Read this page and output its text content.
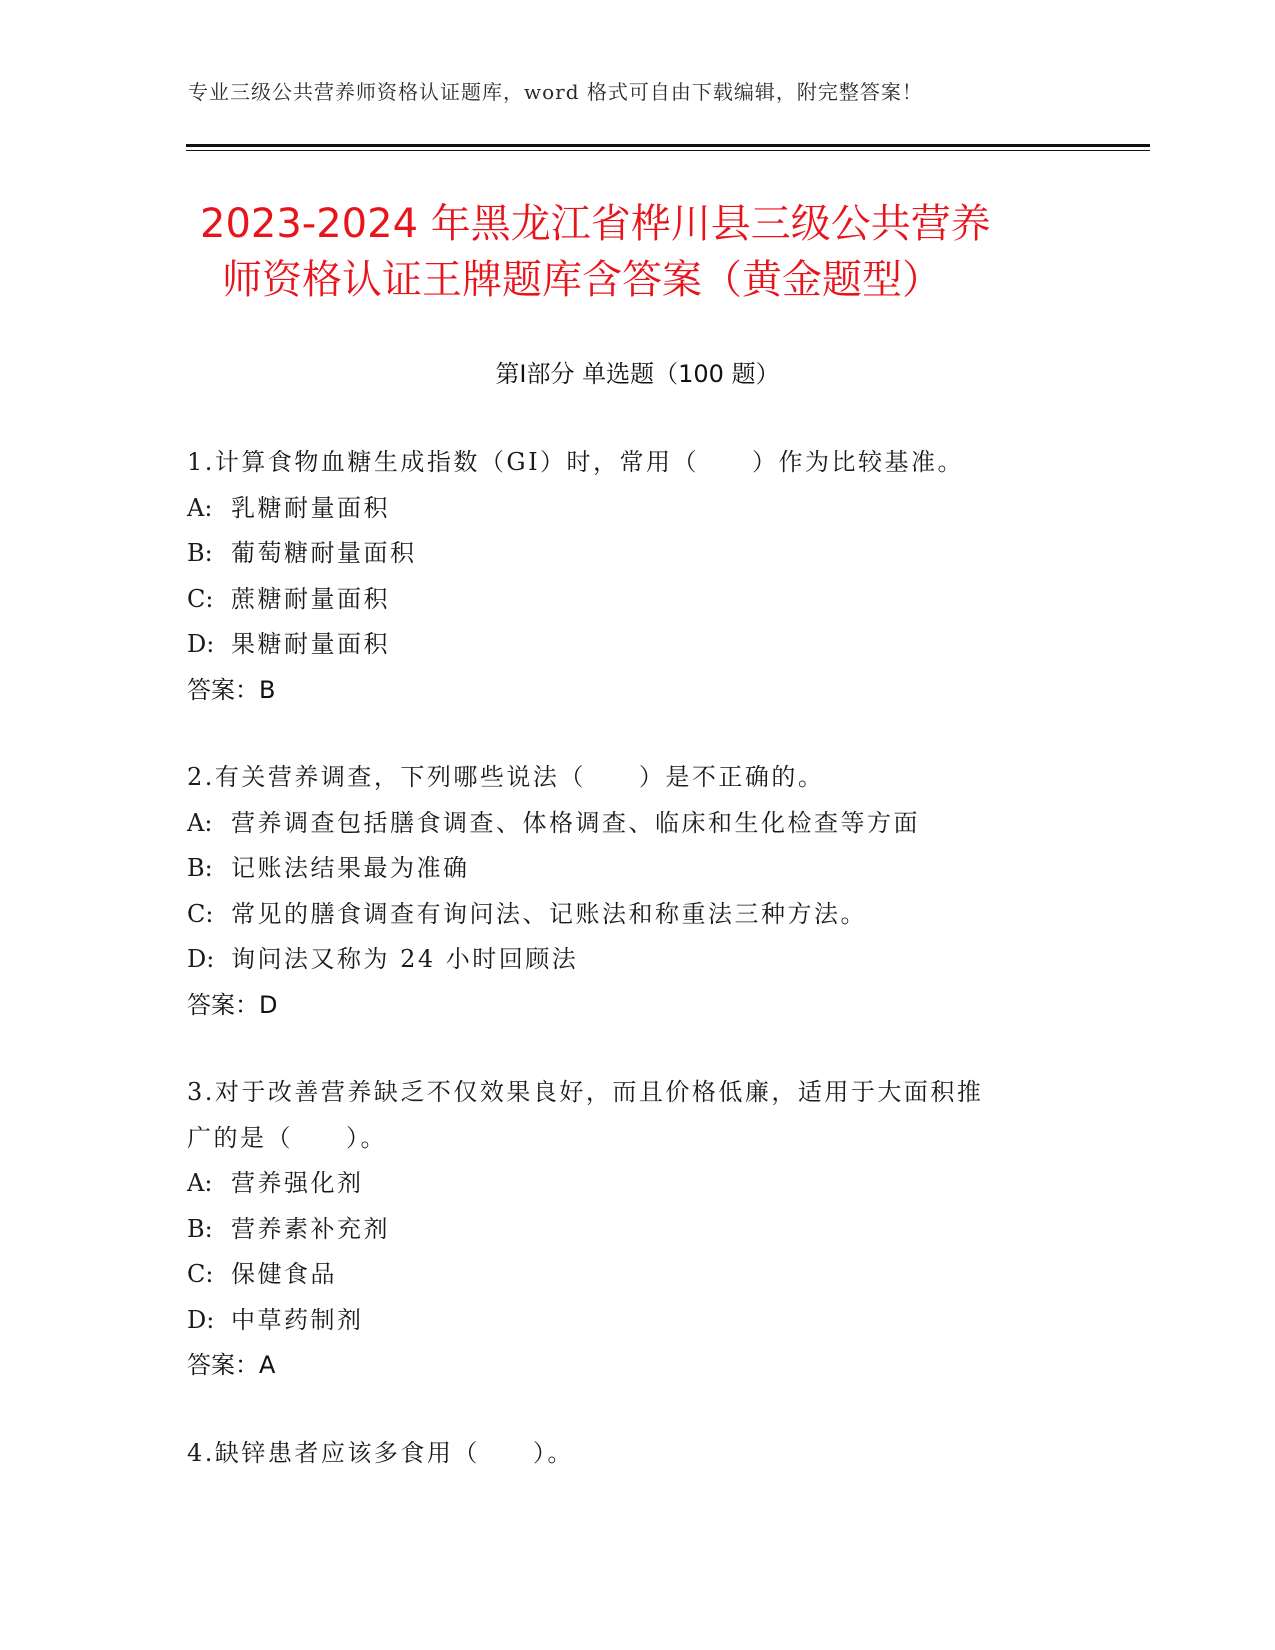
专业三级公共营养师资格认证题库，word 格式可自由下载编辑，附完整答案！
2023-2024 年黑龙江省桦川县三级公共营养
师资格认证王牌题库含答案（黄金题型）
第Ⅰ部分 单选题（100 题）
1.计算食物血糖生成指数（GI）时，常用（　　）作为比较基准。
A: 乳糖耐量面积
B: 葡萄糖耐量面积
C: 蔗糖耐量面积
D: 果糖耐量面积
答案：B
2.有关营养调查，下列哪些说法（　　）是不正确的。
A: 营养调查包括膳食调查、体格调查、临床和生化检查等方面
B: 记账法结果最为准确
C: 常见的膳食调查有询问法、记账法和称重法三种方法。
D: 询问法又称为 24 小时回顾法
答案：D
3.对于改善营养缺乏不仅效果良好，而且价格低廉，适用于大面积推
广的是（　　）。
A: 营养强化剂
B: 营养素补充剂
C: 保健食品
D: 中草药制剂
答案：A
4.缺锌患者应该多食用（　　）。
